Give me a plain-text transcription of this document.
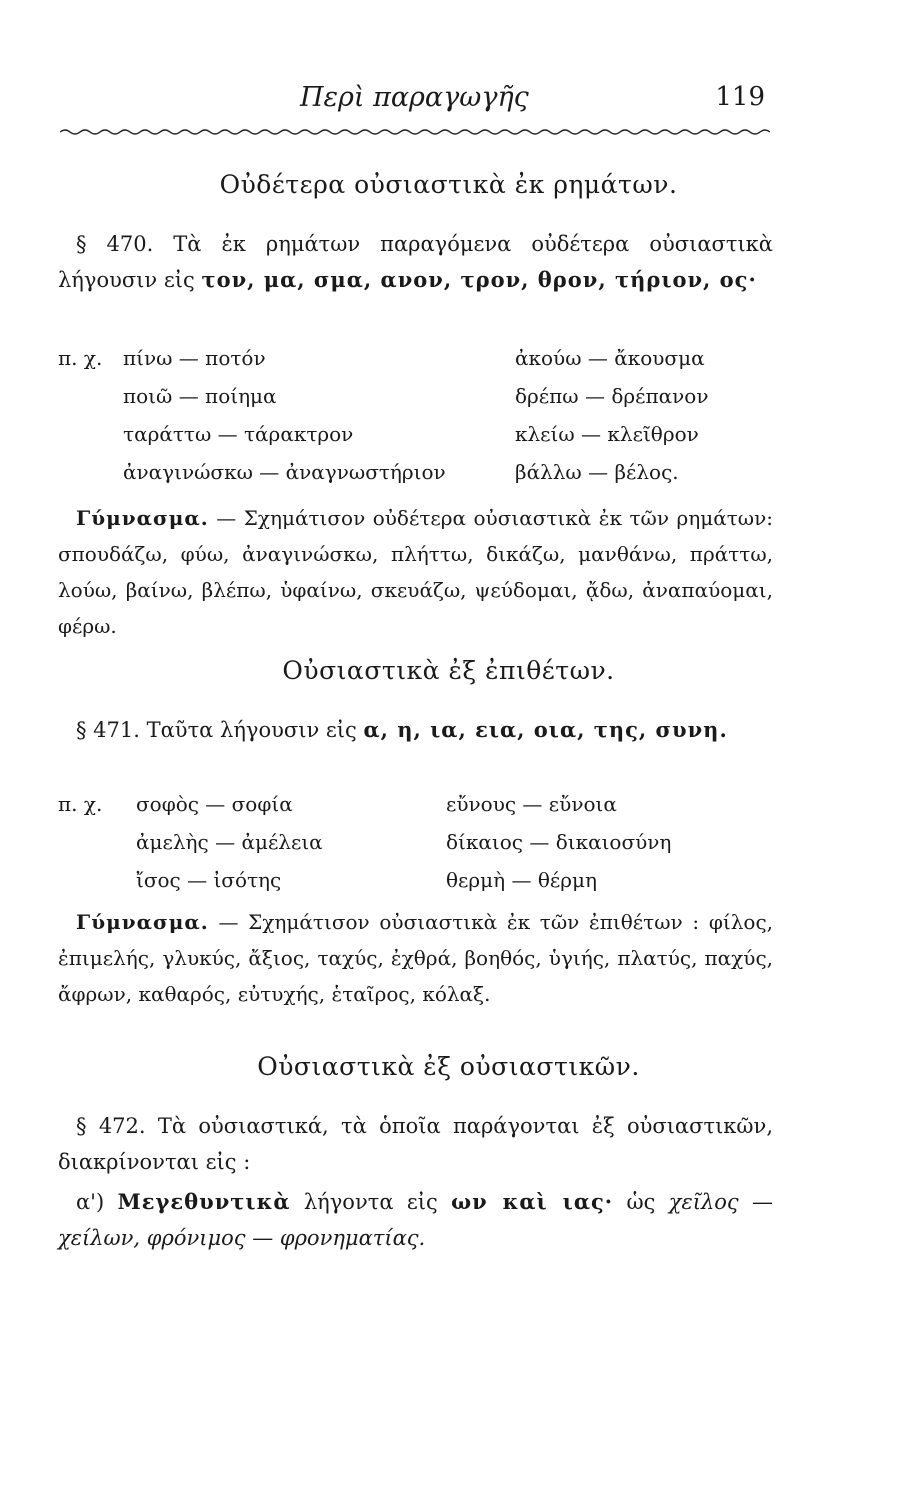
Περὶ παραγωγῆς	119
Οὐδέτερα οὐσιαστικὰ ἐκ ρημάτων.
§ 470. Τὰ ἐκ ρημάτων παραγόμενα οὐδέτερα οὐσιαστικὰ λήγουσιν εἰς τον, μα, σμα, ανον, τρον, θρον, τήριον, ος·
π. χ. πίνω — ποτόν	ἀκούω — ἄκουσμα
ποιῶ — ποίημα	δρέπω — δρέπανον
ταράττω — τάρακτρον	κλείω — κλεῖθρον
ἀναγινώσκω — ἀναγνωστήριον	βάλλω — βέλος.
Γύμνασμα. — Σχημάτισον οὐδέτερα οὐσιαστικὰ ἐκ τῶν ρημάτων: σπουδάζω, φύω, ἀναγινώσκω, πλήττω, δικάζω, μανθάνω, πράττω, λούω, βαίνω, βλέπω, ὑφαίνω, σκευάζω, ψεύδομαι, ᾄδω, ἀναπαύομαι, φέρω.
Οὐσιαστικὰ ἐξ ἐπιθέτων.
§ 471. Ταῦτα λήγουσιν εἰς α, η, ια, εια, οια, της, συνη.
π. χ. σοφὸς — σοφία	εὔνους — εὔνοια
ἀμελὴς — ἀμέλεια	δίκαιος — δικαιοσύνη
ἴσος — ἰσότης	θερμὴ — θέρμη
Γύμνασμα. — Σχημάτισον οὐσιαστικὰ ἐκ τῶν ἐπιθέτων : φίλος, ἐπιμελής, γλυκύς, ἄξιος, ταχύς, ἐχθρά, βοηθός, ὑγιής, πλατύς, παχύς, ἄφρων, καθαρός, εὐτυχής, ἑταῖρος, κόλαξ.
Οὐσιαστικὰ ἐξ οὐσιαστικῶν.
§ 472. Τὰ οὐσιαστικά, τὰ ὁποῖα παράγονται ἐξ οὐσιαστικῶν, διακρίνονται εἰς :
α') Μεγεθυντικὰ λήγοντα εἰς ων καὶ ιας· ὡς χεῖλος — χείλων, φρόνιμος — φρονηματίας.
